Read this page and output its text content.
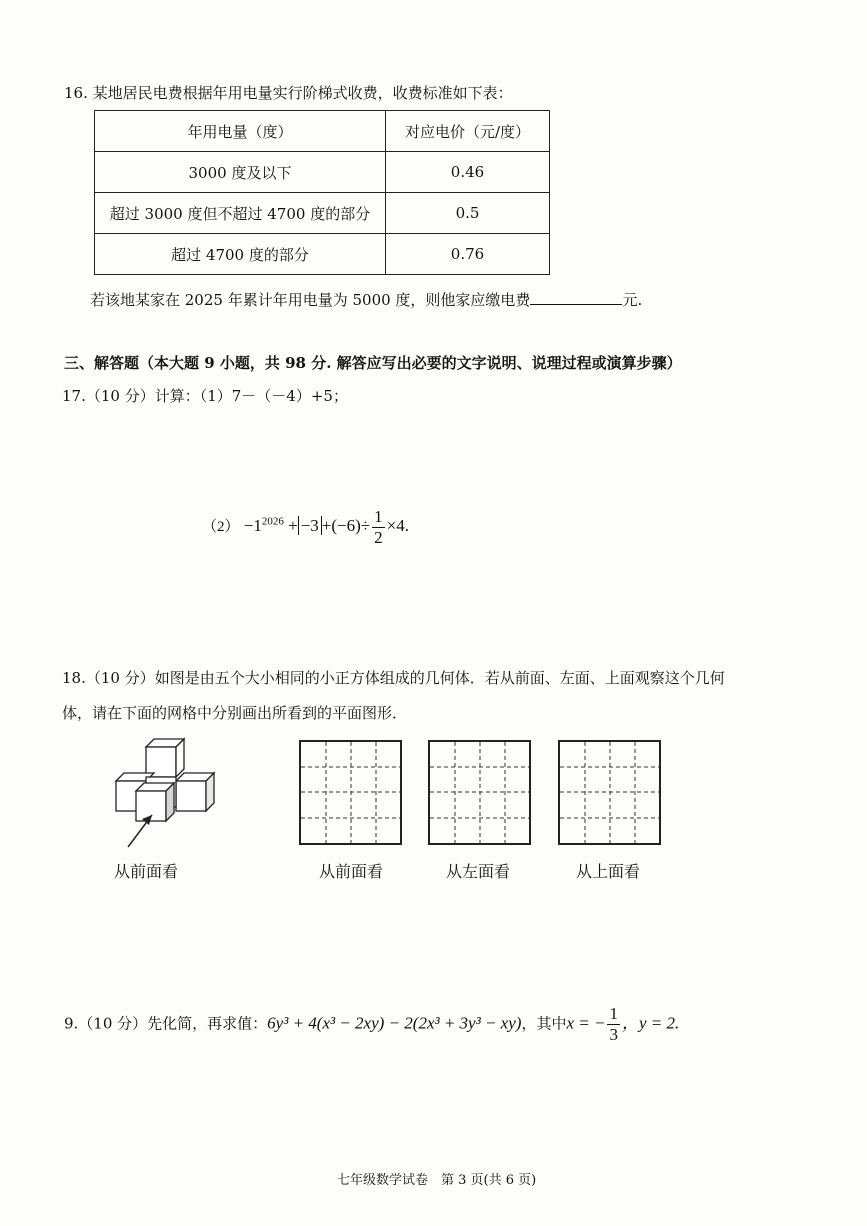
16. 某地居民电费根据年用电量实行阶梯式收费，收费标准如下表：
年用电量（度）	对应电价（元/度）
3000 度及以下	0.46
超过 3000 度但不超过 4700 度的部分	0.5
超过 4700 度的部分	0.76
若该地某家在 2025 年累计年用电量为 5000 度，则他家应缴电费	元.
三、解答题（本大题 9 小题，共 98 分. 解答应写出必要的文字说明、说理过程或演算步骤）
17.（10 分）计算：（1）7－（－4）+5；
$(2) -1^{2026} + -3 +(-6)\div \frac{1}{2} \times 4$.
18.（10 分）如图是由五个大小相同的小正方体组成的几何体．若从前面、左面、上面观察这个几何
体，请在下面的网格中分别画出所看到的平面图形．
从前面看	从前面看	从左面看	从上面看
9.（10 分）先化简，再求值：6y³ + 4(x³ − 2xy) − 2(2x³ + 3y³ − xy)，其中x = − $\frac{1}{3}$ ，y = 2.
七年级数学试卷　第 3 页(共 6 页)
